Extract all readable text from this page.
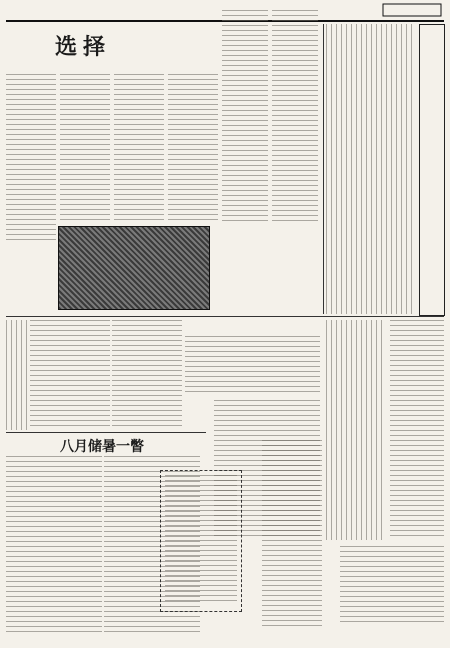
选择
八月储暑一瞥
